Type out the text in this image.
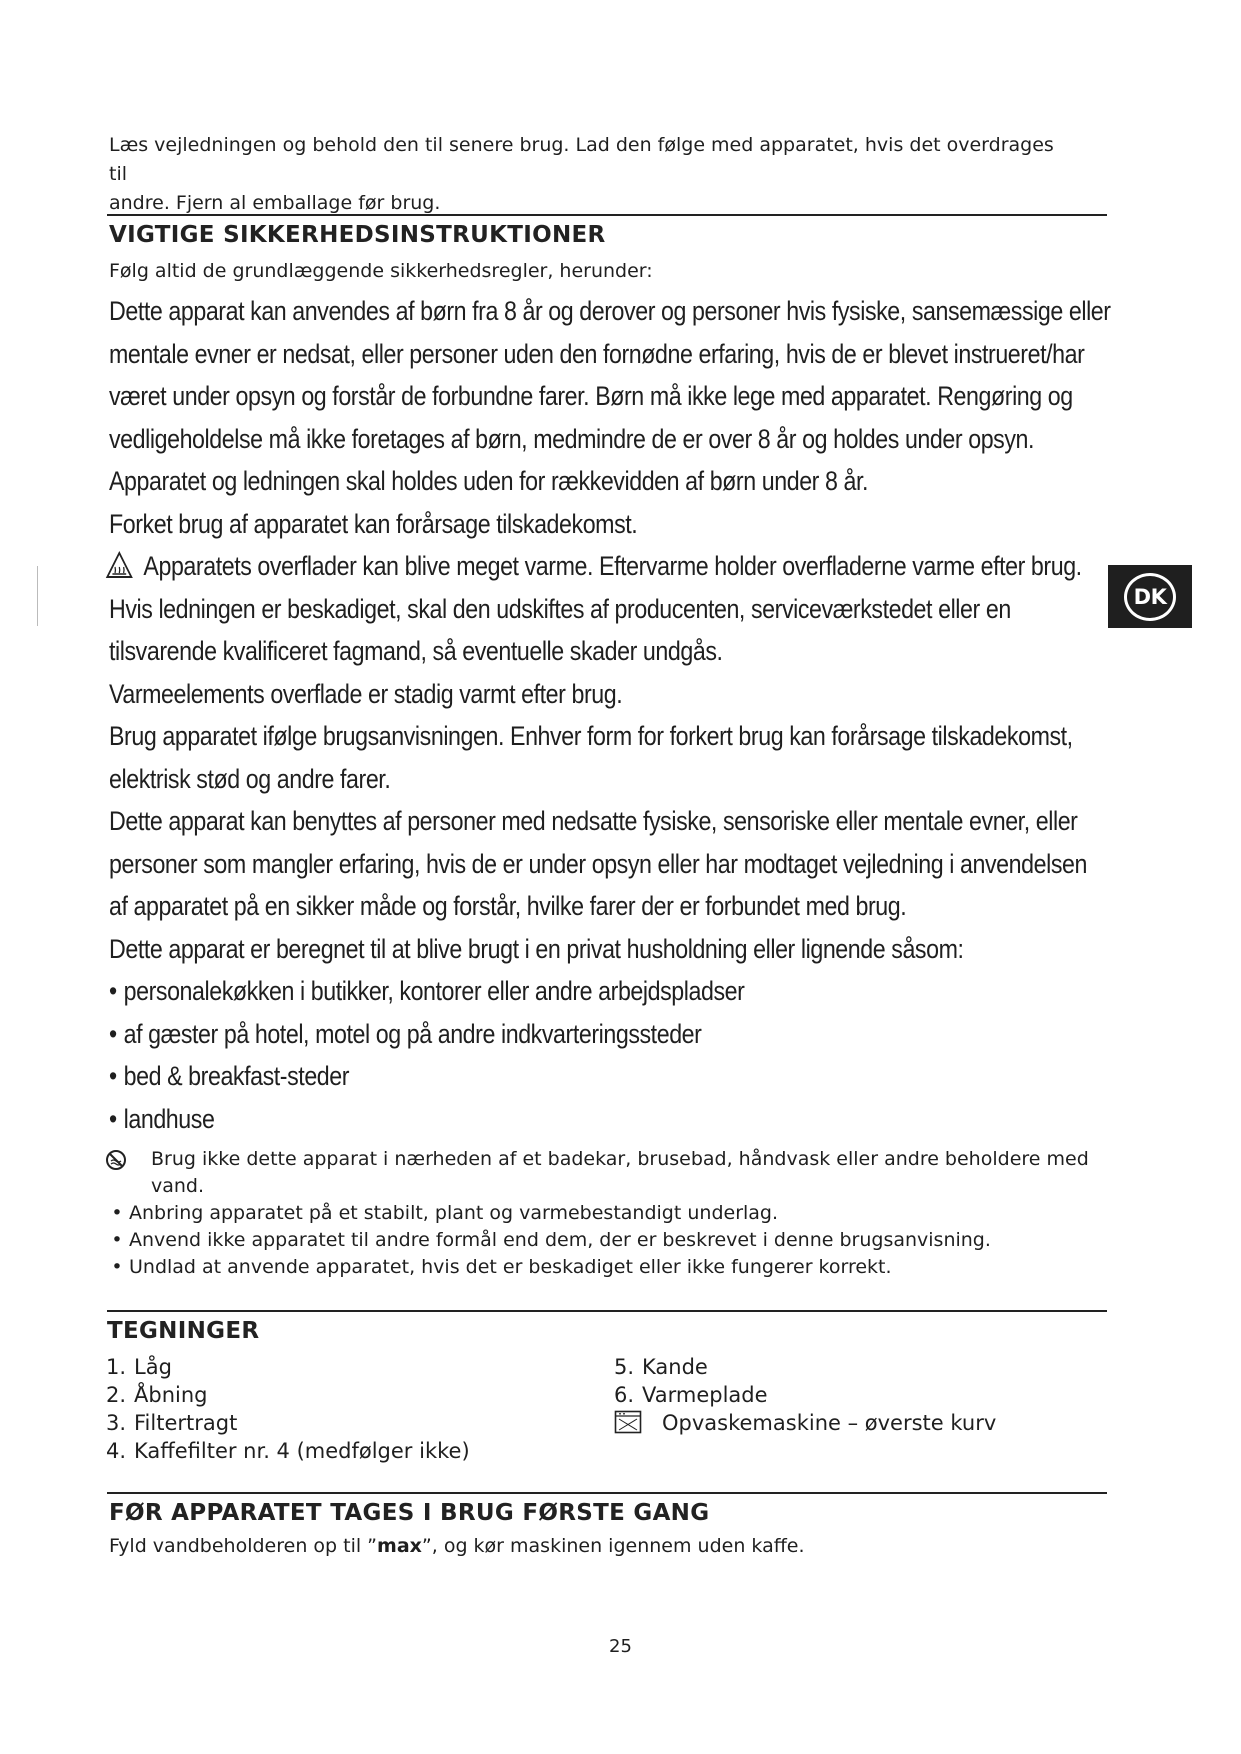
Læs vejledningen og behold den til senere brug. Lad den følge med apparatet, hvis det overdrages til
andre. Fjern al emballage før brug.
VIGTIGE SIKKERHEDSINSTRUKTIONER
Følg altid de grundlæggende sikkerhedsregler, herunder:
Dette apparat kan anvendes af børn fra 8 år og derover og personer hvis fysiske, sansemæssige eller
mentale evner er nedsat, eller personer uden den fornødne erfaring, hvis de er blevet instrueret/har
været under opsyn og forstår de forbundne farer. Børn må ikke lege med apparatet. Rengøring og
vedligeholdelse må ikke foretages af børn, medmindre de er over 8 år og holdes under opsyn.
Apparatet og ledningen skal holdes uden for rækkevidden af børn under 8 år.
Forket brug af apparatet kan forårsage tilskadekomst.
Apparatets overflader kan blive meget varme. Eftervarme holder overfladerne varme efter brug.
Hvis ledningen er beskadiget, skal den udskiftes af producenten, serviceværkstedet eller en
tilsvarende kvalificeret fagmand, så eventuelle skader undgås.
Varmeelements overflade er stadig varmt efter brug.
Brug apparatet ifølge brugsanvisningen. Enhver form for forkert brug kan forårsage tilskadekomst,
elektrisk stød og andre farer.
Dette apparat kan benyttes af personer med nedsatte fysiske, sensoriske eller mentale evner, eller
personer som mangler erfaring, hvis de er under opsyn eller har modtaget vejledning i anvendelsen
af apparatet på en sikker måde og forstår, hvilke farer der er forbundet med brug.
Dette apparat er beregnet til at blive brugt i en privat husholdning eller lignende såsom:
• personalekøkken i butikker, kontorer eller andre arbejdspladser
• af gæster på hotel, motel og på andre indkvarteringssteder
• bed & breakfast-steder
• landhuse
Brug ikke dette apparat i nærheden af et badekar, brusebad, håndvask eller andre beholdere med
vand.
• Anbring apparatet på et stabilt, plant og varmebestandigt underlag.
• Anvend ikke apparatet til andre formål end dem, der er beskrevet i denne brugsanvisning.
• Undlad at anvende apparatet, hvis det er beskadiget eller ikke fungerer korrekt.
DK
TEGNINGER
1. Låg
2. Åbning
3. Filtertragt
4. Kaffefilter nr. 4 (medfølger ikke)
5. Kande
6. Varmeplade
Opvaskemaskine – øverste kurv
FØR APPARATET TAGES I BRUG FØRSTE GANG
Fyld vandbeholderen op til ”max”, og kør maskinen igennem uden kaffe.
25
